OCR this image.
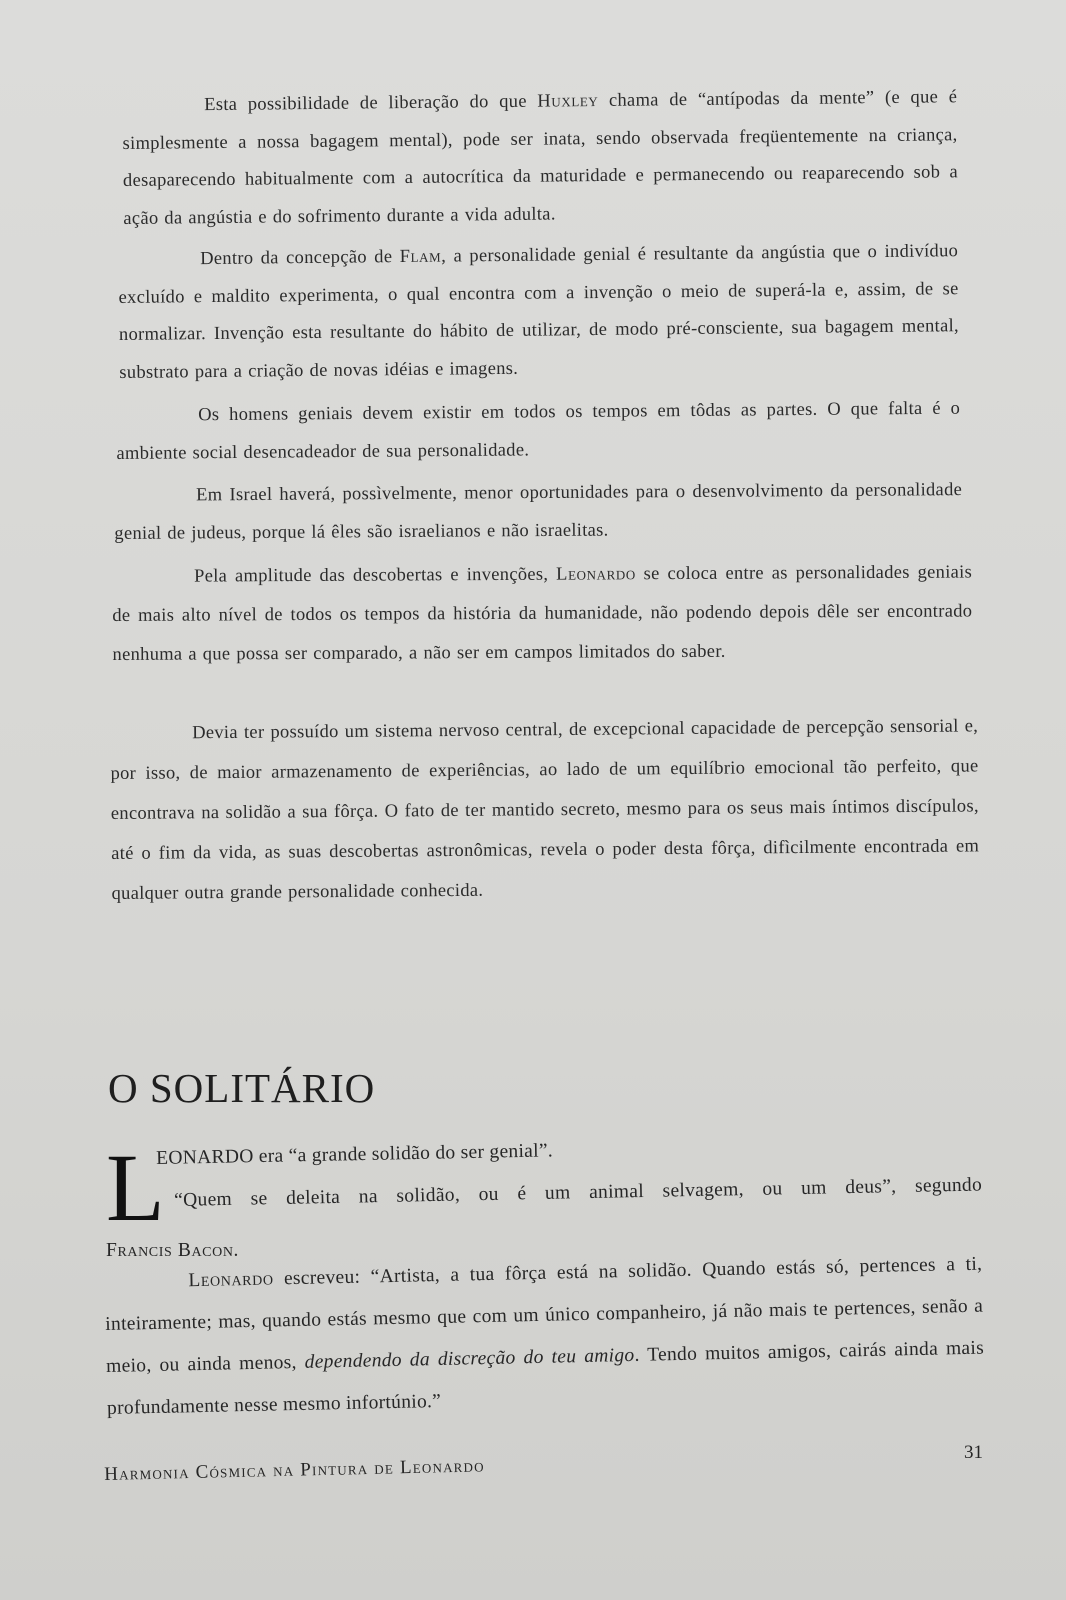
Esta possibilidade de liberação do que Huxley chama de “antípodas da mente” (e que é simplesmente a nossa bagagem mental), pode ser inata, sendo observada freqüentemente na criança, desaparecendo habitualmente com a autocrítica da maturidade e permanecendo ou reaparecendo sob a ação da angústia e do sofrimento durante a vida adulta.

Dentro da concepção de Flam, a personalidade genial é resultante da angústia que o indivíduo excluído e maldito experimenta, o qual encontra com a invenção o meio de superá-la e, assim, de se normalizar. Invenção esta resultante do hábito de utilizar, de modo pré-consciente, sua bagagem mental, substrato para a criação de novas idéias e imagens.

Os homens geniais devem existir em todos os tempos em tôdas as partes. O que falta é o ambiente social desencadeador de sua personalidade.

Em Israel haverá, possìvelmente, menor oportunidades para o desenvolvimento da personalidade genial de judeus, porque lá êles são israelianos e não israelitas.

Pela amplitude das descobertas e invenções, Leonardo se coloca entre as personalidades geniais de mais alto nível de todos os tempos da história da humanidade, não podendo depois dêle ser encontrado nenhuma a que possa ser comparado, a não ser em campos limitados do saber.

Devia ter possuído um sistema nervoso central, de excepcional capacidade de percepção sensorial e, por isso, de maior armazenamento de experiências, ao lado de um equilíbrio emocional tão perfeito, que encontrava na solidão a sua fôrça. O fato de ter mantido secreto, mesmo para os seus mais íntimos discípulos, até o fim da vida, as suas descobertas astronômicas, revela o poder desta fôrça, difìcilmente encontrada em qualquer outra grande personalidade conhecida.

O SOLITÁRIO
L

EONARDO era “a grande solidão do ser genial”.

“Quem se deleita na solidão, ou é um animal selvagem, ou um deus”, segundo

Francis Bacon.

Leonardo escreveu: “Artista, a tua fôrça está na solidão. Quando estás só, pertences a ti, inteiramente; mas, quando estás mesmo que com um único companheiro, já não mais te pertences, senão a meio, ou ainda menos, dependendo da discreção do teu amigo. Tendo muitos amigos, cairás ainda mais profundamente nesse mesmo infortúnio.”

31
Harmonia Cósmica na Pintura de Leonardo
